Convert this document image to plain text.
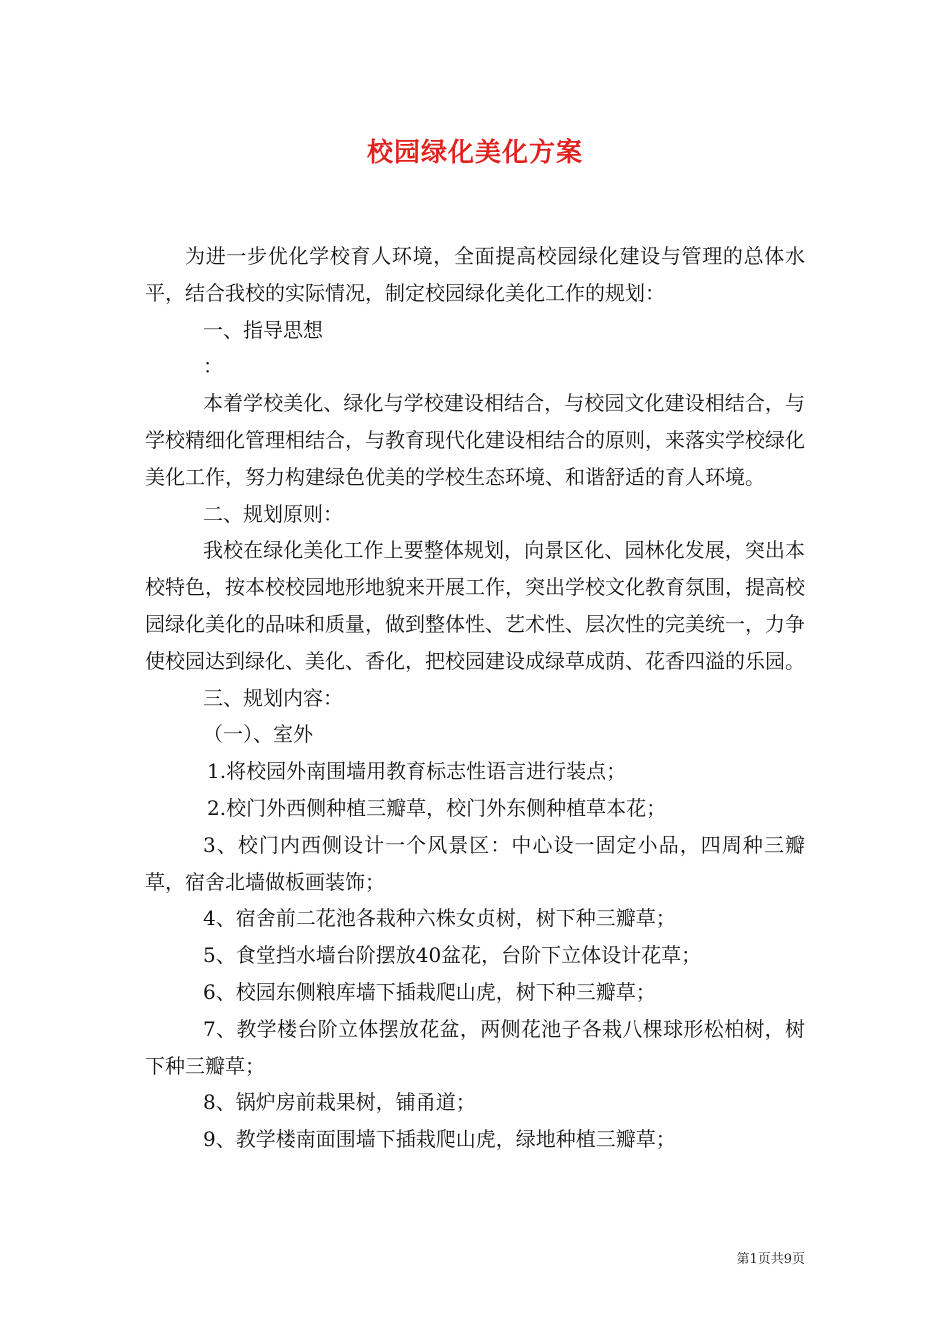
校园绿化美化方案

为进一步优化学校育人环境，全面提高校园绿化建设与管理的总体水平，结合我校的实际情况，制定校园绿化美化工作的规划：

一、指导思想

：

本着学校美化、绿化与学校建设相结合，与校园文化建设相结合，与学校精细化管理相结合，与教育现代化建设相结合的原则，来落实学校绿化美化工作，努力构建绿色优美的学校生态环境、和谐舒适的育人环境。

二、规划原则：

我校在绿化美化工作上要整体规划，向景区化、园林化发展，突出本校特色，按本校校园地形地貌来开展工作，突出学校文化教育氛围，提高校园绿化美化的品味和质量，做到整体性、艺术性、层次性的完美统一，力争使校园达到绿化、美化、香化，把校园建设成绿草成荫、花香四溢的乐园。

三、规划内容：

（一）、室外

1.将校园外南围墙用教育标志性语言进行装点；

2.校门外西侧种植三瓣草，校门外东侧种植草本花；

3、校门内西侧设计一个风景区：中心设一固定小品，四周种三瓣草，宿舍北墙做板画装饰；

4、宿舍前二花池各栽种六株女贞树，树下种三瓣草；

5、食堂挡水墙台阶摆放40盆花，台阶下立体设计花草；

6、校园东侧粮库墙下插栽爬山虎，树下种三瓣草；

7、教学楼台阶立体摆放花盆，两侧花池子各栽八棵球形松柏树，树下种三瓣草；

8、锅炉房前栽果树，铺甬道；

9、教学楼南面围墙下插栽爬山虎，绿地种植三瓣草；

第1页共9页
